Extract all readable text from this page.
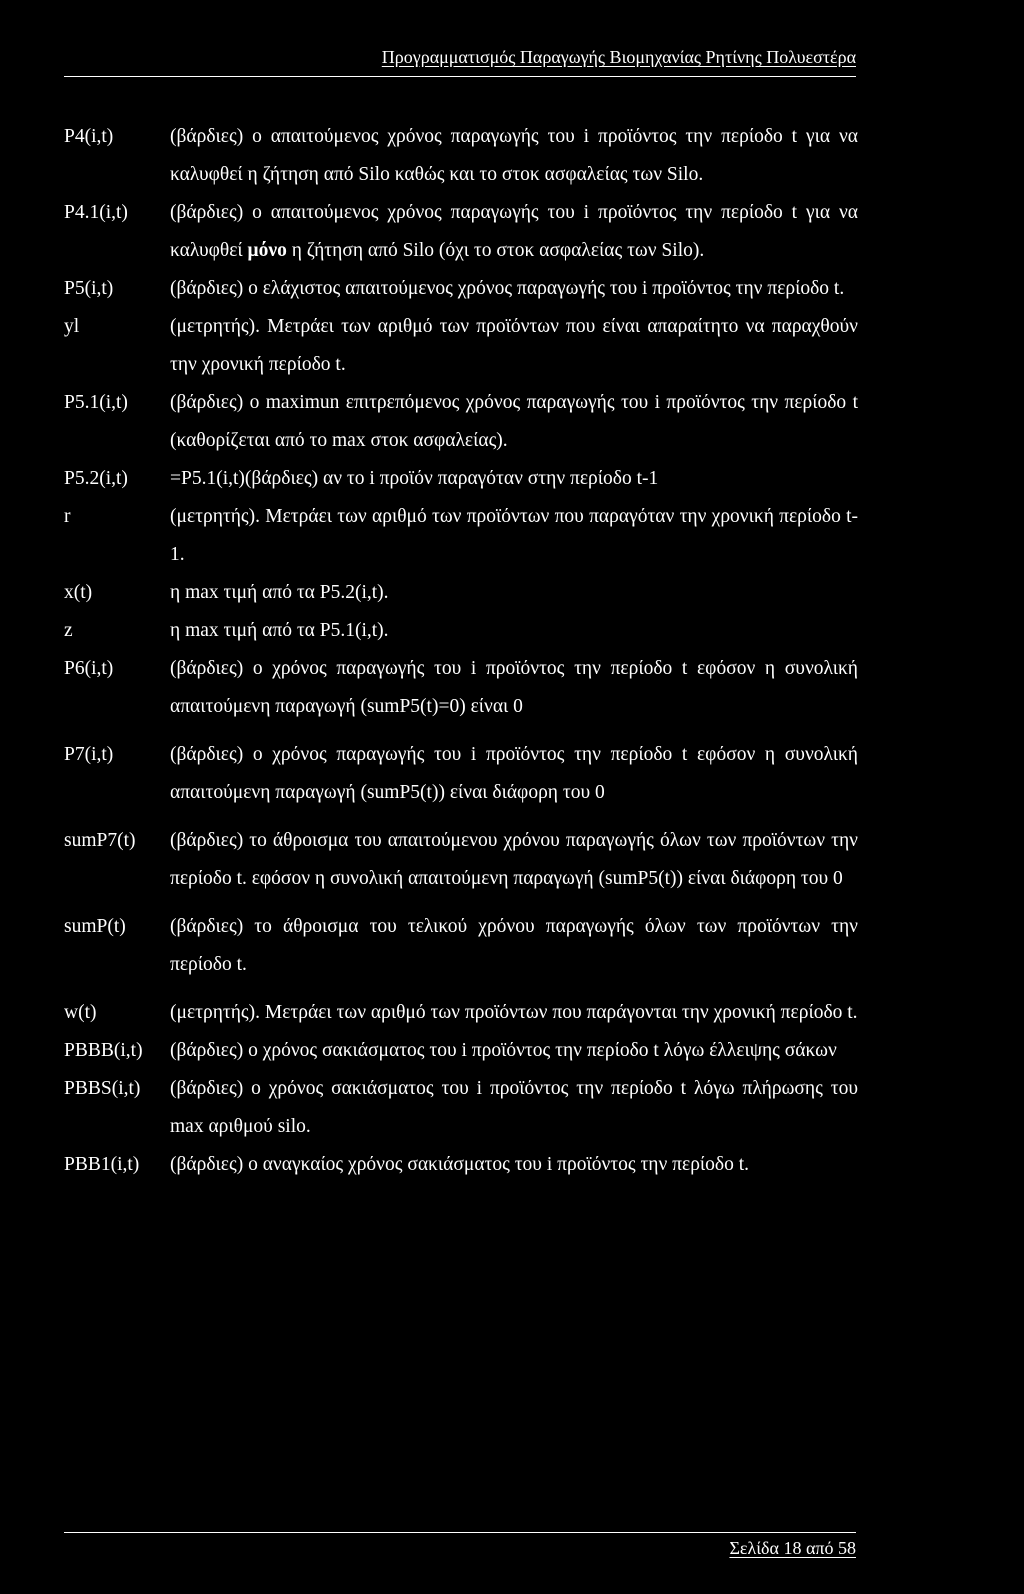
Προγραμματισμός Παραγωγής Βιομηχανίας Ρητίνης Πολυεστέρα
P4(i,t)	(βάρδιες) ο απαιτούμενος χρόνος παραγωγής του i προϊόντος την περίοδο t για να καλυφθεί η ζήτηση από Silo καθώς και το στοκ ασφαλείας των Silo.
P4.1(i,t)	(βάρδιες) ο απαιτούμενος χρόνος παραγωγής του i προϊόντος την περίοδο t για να καλυφθεί μόνο η ζήτηση από Silo (όχι το στοκ ασφαλείας των Silo).
P5(i,t)	(βάρδιες) ο ελάχιστος απαιτούμενος χρόνος παραγωγής του i προϊόντος την περίοδο t.
yl	(μετρητής). Μετράει των αριθμό των προϊόντων που είναι απαραίτητο να παραχθούν την χρονική περίοδο t.
P5.1(i,t)	(βάρδιες) ο maximun επιτρεπόμενος χρόνος παραγωγής του i προϊόντος την περίοδο t (καθορίζεται από το max στοκ ασφαλείας).
P5.2(i,t)	=P5.1(i,t)(βάρδιες) αν το i προϊόν παραγόταν στην περίοδο t-1
r	(μετρητής). Μετράει των αριθμό των προϊόντων που παραγόταν την χρονική περίοδο t-1.
x(t)	η max τιμή από τα P5.2(i,t).
z	η max τιμή από τα P5.1(i,t).
P6(i,t)	(βάρδιες) ο χρόνος παραγωγής του i προϊόντος την περίοδο t εφόσον η συνολική απαιτούμενη παραγωγή (sumP5(t)=0) είναι 0
P7(i,t)	(βάρδιες) ο χρόνος παραγωγής του i προϊόντος την περίοδο t εφόσον η συνολική απαιτούμενη παραγωγή (sumP5(t)) είναι διάφορη του 0
sumP7(t)	(βάρδιες) το άθροισμα του απαιτούμενου χρόνου παραγωγής όλων των προϊόντων την περίοδο t. εφόσον η συνολική απαιτούμενη παραγωγή (sumP5(t)) είναι διάφορη του 0
sumP(t)	(βάρδιες) το άθροισμα του τελικού χρόνου παραγωγής όλων των προϊόντων την περίοδο t.
w(t)	(μετρητής). Μετράει των αριθμό των προϊόντων που παράγονται την χρονική περίοδο t.
PBBB(i,t)	(βάρδιες) ο χρόνος σακιάσματος του i προϊόντος την περίοδο t λόγω έλλειψης σάκων
PBBS(i,t)	(βάρδιες) ο χρόνος σακιάσματος του i προϊόντος την περίοδο t λόγω πλήρωσης του max αριθμού silo.
PBB1(i,t)	(βάρδιες) ο αναγκαίος χρόνος σακιάσματος του i προϊόντος την περίοδο t.
Σελίδα 18 από 58
